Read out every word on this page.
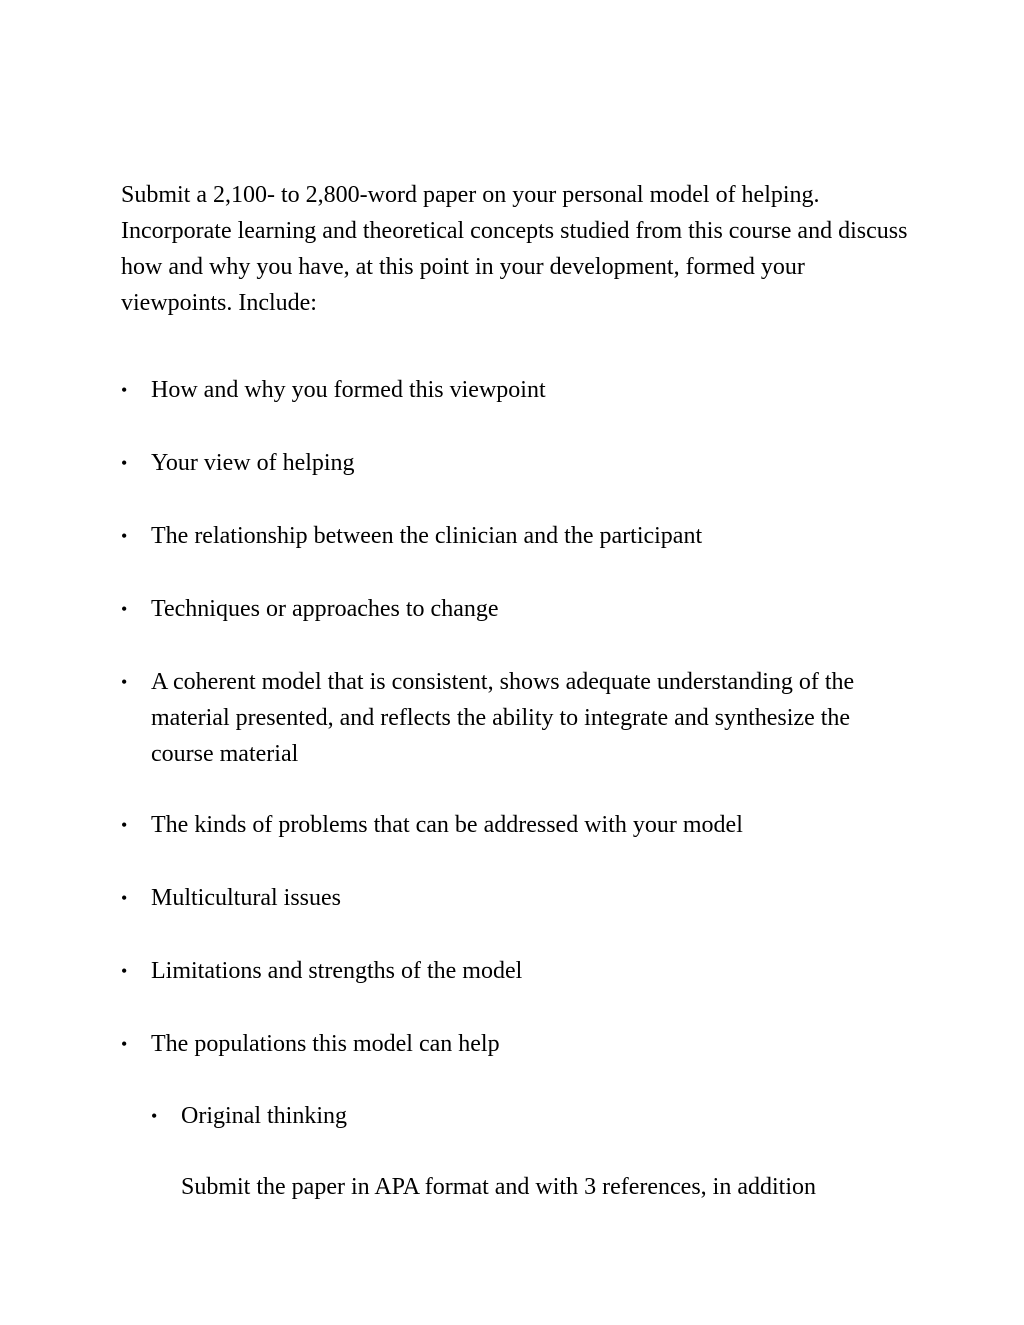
Submit a 2,100- to 2,800-word paper on your personal model of helping. Incorporate learning and theoretical concepts studied from this course and discuss how and why you have, at this point in your development, formed your viewpoints. Include:

• How and why you formed this viewpoint
• Your view of helping
• The relationship between the clinician and the participant
• Techniques or approaches to change
• A coherent model that is consistent, shows adequate understanding of the material presented, and reflects the ability to integrate and synthesize the course material
• The kinds of problems that can be addressed with your model
• Multicultural issues
• Limitations and strengths of the model
• The populations this model can help
• Original thinking

Submit the paper in APA format and with 3 references, in addition
